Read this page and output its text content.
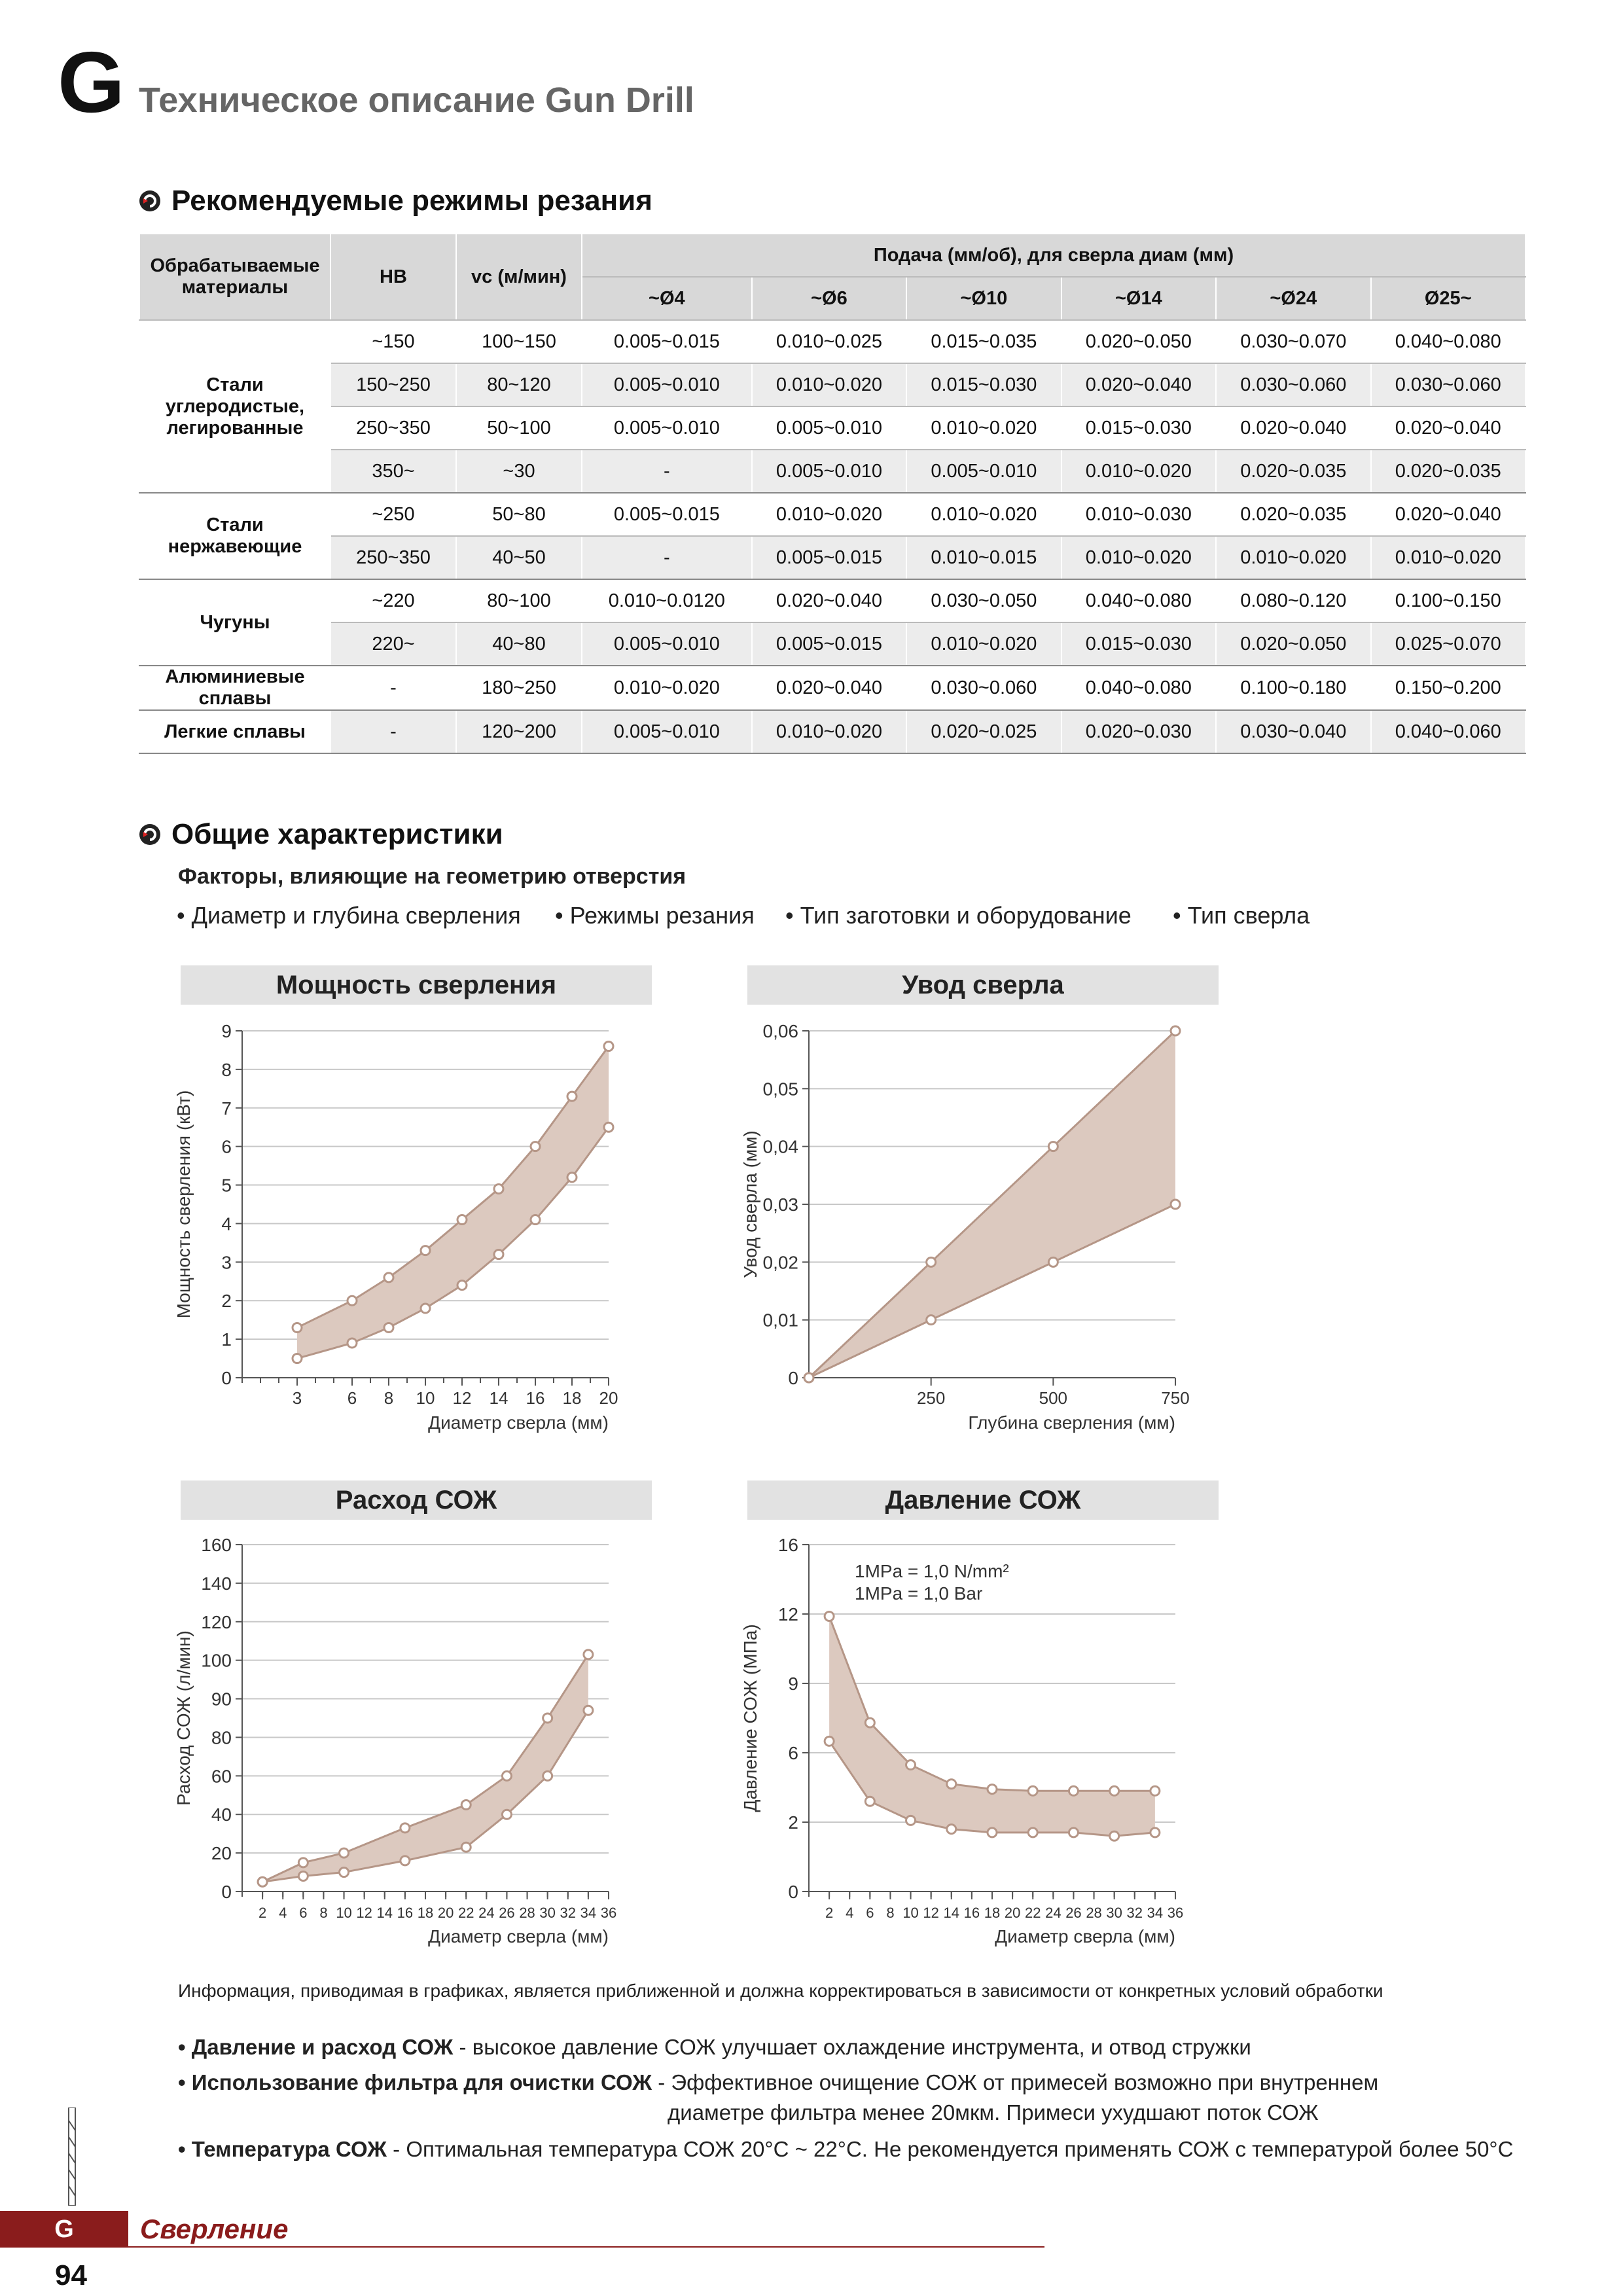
G Техническое описание Gun Drill
Рекомендуемые режимы резания
Обрабатываемые материалы	HB	vc (м/мин)	Подача (мм/об), для сверла диам (мм)					
			~Ø4	~Ø6	~Ø10	~Ø14	~Ø24	Ø25~
Стали углеродистые, легированные	~150	100~150	0.005~0.015	0.010~0.025	0.015~0.035	0.020~0.050	0.030~0.070	0.040~0.080
	150~250	80~120	0.005~0.010	0.010~0.020	0.015~0.030	0.020~0.040	0.030~0.060	0.030~0.060
	250~350	50~100	0.005~0.010	0.005~0.010	0.010~0.020	0.015~0.030	0.020~0.040	0.020~0.040
	350~	~30	-	0.005~0.010	0.005~0.010	0.010~0.020	0.020~0.035	0.020~0.035
Стали нержавеющие	~250	50~80	0.005~0.015	0.010~0.020	0.010~0.020	0.010~0.030	0.020~0.035	0.020~0.040
	250~350	40~50	-	0.005~0.015	0.010~0.015	0.010~0.020	0.010~0.020	0.010~0.020
Чугуны	~220	80~100	0.010~0.0120	0.020~0.040	0.030~0.050	0.040~0.080	0.080~0.120	0.100~0.150
	220~	40~80	0.005~0.010	0.005~0.015	0.010~0.020	0.015~0.030	0.020~0.050	0.025~0.070
Алюминиевые сплавы	-	180~250	0.010~0.020	0.020~0.040	0.030~0.060	0.040~0.080	0.100~0.180	0.150~0.200
Легкие сплавы	-	120~200	0.005~0.010	0.010~0.020	0.020~0.025	0.020~0.030	0.030~0.040	0.040~0.060
Общие характеристики
Факторы, влияющие на геометрию отверстия
• Диаметр и глубина сверления • Режимы резания • Тип заготовки и оборудование • Тип сверла
Мощность сверления	Увод сверла
Расход СОЖ	Давление СОЖ
0
1
2
3
4
5
6
7
8
9
3	6 8 10 12 14 16 18 20
Диаметр сверла (мм)
Мощность сверления (кВт)
0
0,01
0,02
0,03
0,04
0,05
0,06
250	500	750
Глубина сверления (мм)
Увод сверла (мм)
0
20
40
60
80
90
100
120
140
160
2 4 6 8 10 12 14 16 18 20 22 24 26 28 30 32 34 36
Диаметр сверла (мм)
Расход СОЖ (л/мин)
0
2
6
9
12
16
2 4 6 8 10 12 14 16 18 20 22 24 26 28 30 32 34 36
Диаметр сверла (мм)
Давление СОЖ (МПа)
1MPa = 1,0 N/mm²
1MPa = 1,0 Bar
Информация, приводимая в графиках, является приближенной и должна корректироваться в зависимости от конкретных условий обработки
• Давление и расход СОЖ - высокое давление СОЖ улучшает охлаждение инструмента, и отвод стружки
• Использование фильтра для очистки СОЖ - Эффективное очищение СОЖ от примесей возможно при внутреннем
диаметре фильтра менее 20мкм. Примеси ухудшают поток СОЖ
• Температура СОЖ - Оптимальная температура СОЖ 20°C ~ 22°C. Не рекомендуется применять СОЖ с температурой более 50°C
G	Сверление
94
